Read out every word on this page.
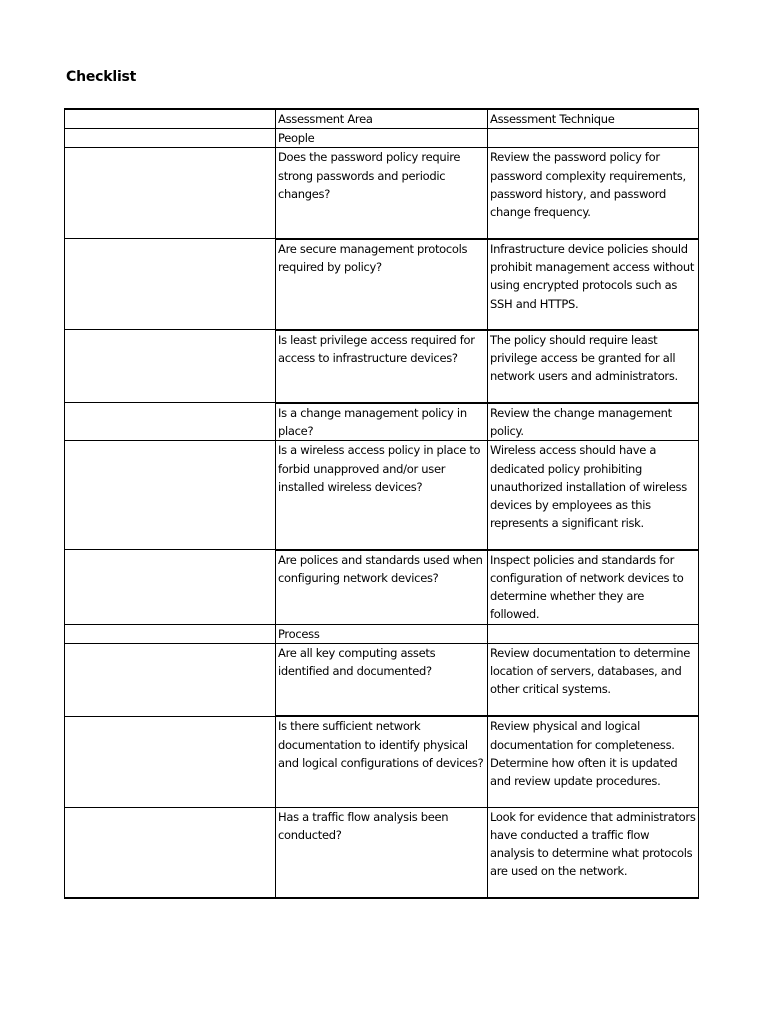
Checklist
	Assessment Area	Assessment Technique
	People	
	Does the password policy require strong passwords and periodic changes?	Review the password policy for password complexity requirements, password history, and password change frequency.
	Are secure management protocols required by policy?	Infrastructure device policies should prohibit management access without using encrypted protocols such as SSH and HTTPS.
	Is least privilege access required for access to infrastructure devices?	The policy should require least privilege access be granted for all network users and administrators.
	Is a change management policy in place?	Review the change management policy.
	Is a wireless access policy in place to forbid unapproved and/or user installed wireless devices?	Wireless access should have a dedicated policy prohibiting unauthorized installation of wireless devices by employees as this represents a significant risk.
	Are polices and standards used when configuring network devices?	Inspect policies and standards for configuration of network devices to determine whether they are followed.
	Process	
	Are all key computing assets identified and documented?	Review documentation to determine location of servers, databases, and other critical systems.
	Is there sufficient network documentation to identify physical and logical configurations of devices?	Review physical and logical documentation for completeness. Determine how often it is updated and review update procedures.
	Has a traffic flow analysis been conducted?	Look for evidence that administrators have conducted a traffic flow analysis to determine what protocols are used on the network.
